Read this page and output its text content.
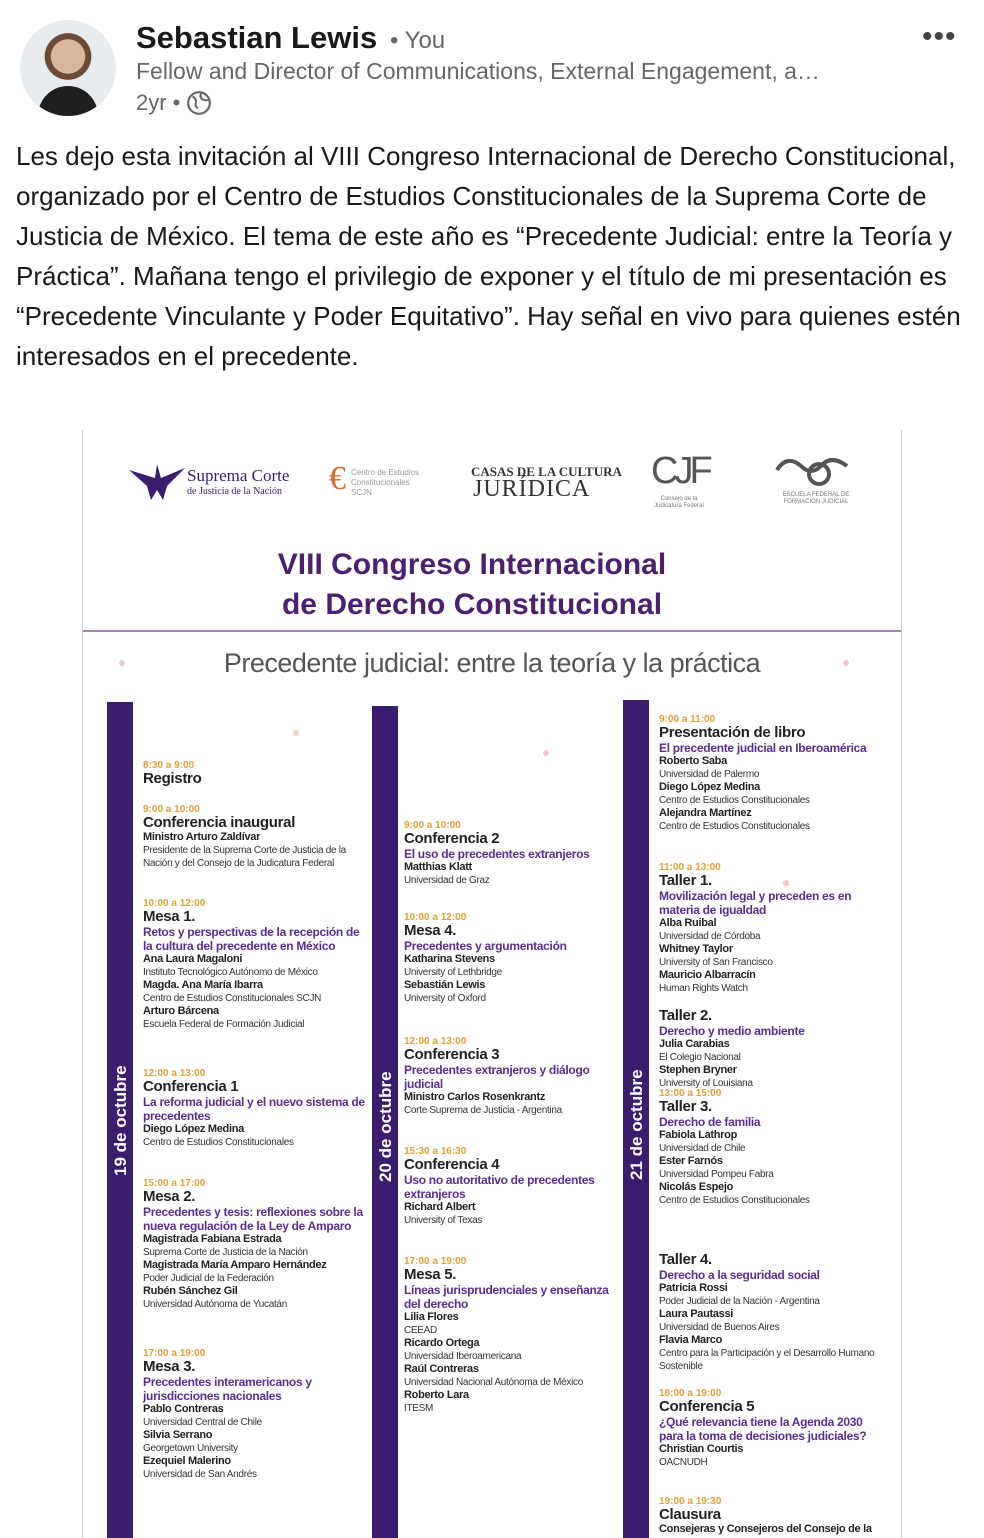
Sebastian Lewis • You
Fellow and Director of Communications, External Engagement, a…
2yr •
•••
Les dejo esta invitación al VIII Congreso Internacional de Derecho Constitucional, organizado por el Centro de Estudios Constitucionales de la Suprema Corte de Justicia de México. El tema de este año es “Precedente Judicial: entre la Teoría y Práctica”. Mañana tengo el privilegio de exponer y el título de mi presentación es “Precedente Vinculante y Poder Equitativo”. Hay señal en vivo para quienes estén interesados en el precedente.
Suprema Corte
de Justicia de la Nación € Centro de Estudios Constitucionales SCJN
CASAS DE LA CULTURA
JURÍDICA CJF
Consejo de la Judicatura Federal
ESCUELA FEDERAL DE FORMACIÓN JUDICIAL
VIII Congreso Internacional
de Derecho Constitucional
Precedente judicial: entre la teoría y la práctica
19 de octubre	20 de octubre	21 de octubre
8:30 a 9:00
Registro
9:00 a 10:00
Conferencia inaugural
Ministro Arturo Zaldívar
Presidente de la Suprema Corte de Justicia de la Nación y del Consejo de la Judicatura Federal
10:00 a 12:00
Mesa 1.
Retos y perspectivas de la recepción de la cultura del precedente en México
Ana Laura Magaloni
Instituto Tecnológico Autónomo de México
Magda. Ana María Ibarra
Centro de Estudios Constitucionales SCJN
Arturo Bárcena
Escuela Federal de Formación Judicial
12:00 a 13:00
Conferencia 1
La reforma judicial y el nuevo sistema de precedentes
Diego López Medina
Centro de Estudios Constitucionales
15:00 a 17:00
Mesa 2.
Precedentes y tesis: reflexiones sobre la nueva regulación de la Ley de Amparo
Magistrada Fabiana Estrada
Suprema Corte de Justicia de la Nación
Magistrada María Amparo Hernández
Poder Judicial de la Federación
Rubén Sánchez Gil
Universidad Autónoma de Yucatán
17:00 a 19:00
Mesa 3.
Precedentes interamericanos y jurisdicciones nacionales
Pablo Contreras
Universidad Central de Chile
Silvia Serrano
Georgetown University
Ezequiel Malerino
Universidad de San Andrés
9:00 a 10:00
Conferencia 2
El uso de precedentes extranjeros
Matthias Klatt
Universidad de Graz
10:00 a 12:00
Mesa 4.
Precedentes y argumentación
Katharina Stevens
University of Lethbridge
Sebastián Lewis
University of Oxford
12:00 a 13:00
Conferencia 3
Precedentes extranjeros y diálogo judicial
Ministro Carlos Rosenkrantz
Corte Suprema de Justicia - Argentina
15:30 a 16:30
Conferencia 4
Uso no autoritativo de precedentes extranjeros
Richard Albert
University of Texas
17:00 a 19:00
Mesa 5.
Líneas jurisprudenciales y enseñanza del derecho
Lilia Flores
CEEAD
Ricardo Ortega
Universidad Iberoamericana
Raúl Contreras
Universidad Nacional Autónoma de México
Roberto Lara
ITESM
9:00 a 11:00
Presentación de libro
El precedente judicial en Iberoamérica
Roberto Saba
Universidad de Palermo
Diego López Medina
Centro de Estudios Constitucionales
Alejandra Martínez
Centro de Estudios Constitucionales
11:00 a 13:00
Taller 1.
Movilización legal y preceden es en materia de igualdad
Alba Ruibal
Universidad de Córdoba
Whitney Taylor
University of San Francisco
Mauricio Albarracín
Human Rights Watch
Taller 2.
Derecho y medio ambiente
Julia Carabias
El Colegio Nacional
Stephen Bryner
University of Louisiana
13:00 a 15:00
Taller 3.
Derecho de familia
Fabiola Lathrop
Universidad de Chile
Ester Farnós
Universidad Pompeu Fabra
Nicolás Espejo
Centro de Estudios Constitucionales
Taller 4.
Derecho a la seguridad social
Patricia Rossi
Poder Judicial de la Nación - Argentina
Laura Pautassi
Universidad de Buenos Aires
Flavia Marco
Centro para la Participación y el Desarrollo Humano Sostenible
18:00 a 19:00
Conferencia 5
¿Qué relevancia tiene la Agenda 2030 para la toma de decisiones judiciales?
Christian Courtis
OACNUDH
19:00 a 19:30
Clausura
Consejeras y Consejeros del Consejo de la
